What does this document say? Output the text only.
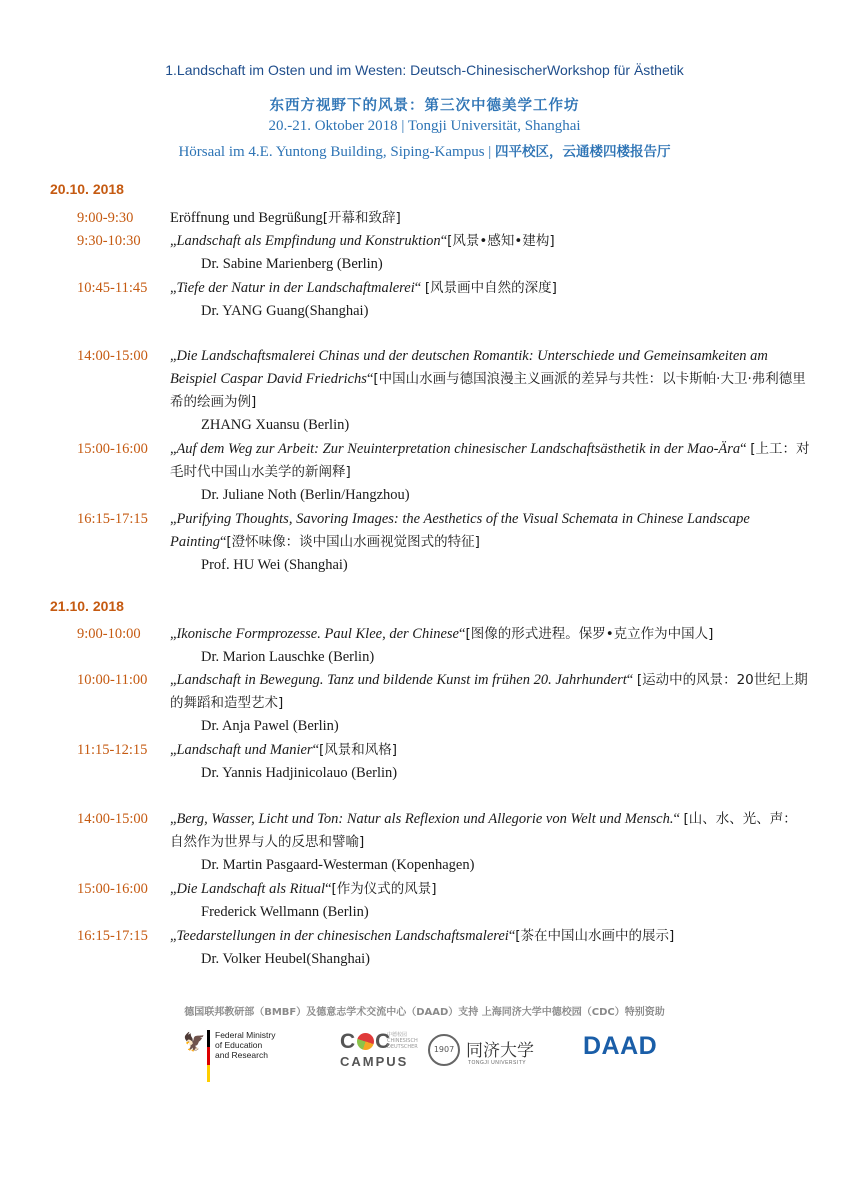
1.Landschaft im Osten und im Westen: Deutsch-ChinesischerWorkshop für Ästhetik
东西方视野下的风景：第三次中德美学工作坊
20.-21. Oktober 2018 | Tongji Universität, Shanghai
Hörsaal im 4.E. Yuntong Building, Siping-Kampus | 四平校区，云通楼四楼报告厅
20.10. 2018
9:00-9:30	Eröffnung und Begrüßung[开幕和致辞]
9:30-10:30 „Landschaft als Empfindung und Konstruktion“[风景•感知•建构]
Dr. Sabine Marienberg (Berlin)
10:45-11:45 „Tiefe der Natur in der Landschaftmalerei“ [风景画中自然的深度]
Dr. YANG Guang(Shanghai)
14:00-15:00 „Die Landschaftsmalerei Chinas und der deutschen Romantik: Unterschiede und Gemeinsamkeiten am Beispiel Caspar David Friedrichs“[中国山水画与德国浪漫主义画派的差异与共性：以卡斯帕·大卫·弗利德里希的绘画为例]
ZHANG Xuansu (Berlin)
15:00-16:00 „Auf dem Weg zur Arbeit: Zur Neuinterpretation chinesischer Landschaftsästhetik in der Mao-Ära“ [上工：对毛时代中国山水美学的新阐释]
Dr. Juliane Noth (Berlin/Hangzhou)
16:15-17:15 „Purifying Thoughts, Savoring Images: the Aesthetics of the Visual Schemata in Chinese Landscape Painting“[澄怀味像：谈中国山水画视觉图式的特征]
Prof. HU Wei (Shanghai)
21.10. 2018
9:00-10:00 „Ikonische Formprozesse. Paul Klee, der Chinese“[图像的形式进程。保罗•克立作为中国人]
Dr. Marion Lauschke (Berlin)
10:00-11:00 „Landschaft in Bewegung. Tanz und bildende Kunst im frühen 20. Jahrhundert“ [运动中的风景：20世纪上期的舞蹈和造型艺术]
Dr. Anja Pawel (Berlin)
11:15-12:15 „Landschaft und Manier“[风景和风格]
Dr. Yannis Hadjinicolauo (Berlin)
14:00-15:00 „Berg, Wasser, Licht und Ton: Natur als Reflexion und Allegorie von Welt und Mensch.“ [山、水、光、声：自然作为世界与人的反思和譬喻]
Dr. Martin Pasgaard-Westerman (Kopenhagen)
15:00-16:00 „Die Landschaft als Ritual“[作为仪式的风景]
Frederick Wellmann (Berlin)
16:15-17:15 „Teedarstellungen in der chinesischen Landschaftsmalerei“[茶在中国山水画中的展示]
Dr. Volker Heubel(Shanghai)
德国联邦教研部（BMBF）及德意志学术交流中心（DAAD）支持 上海同济大学中德校园（CDC）特别资助
🦅 Federal Ministry
of Education
and Research
C C
CAMPUS
中德校园
CHINESISCH
DEUTSCHER	1907 同济大学
TONGJI UNIVERSITY
DAAD
